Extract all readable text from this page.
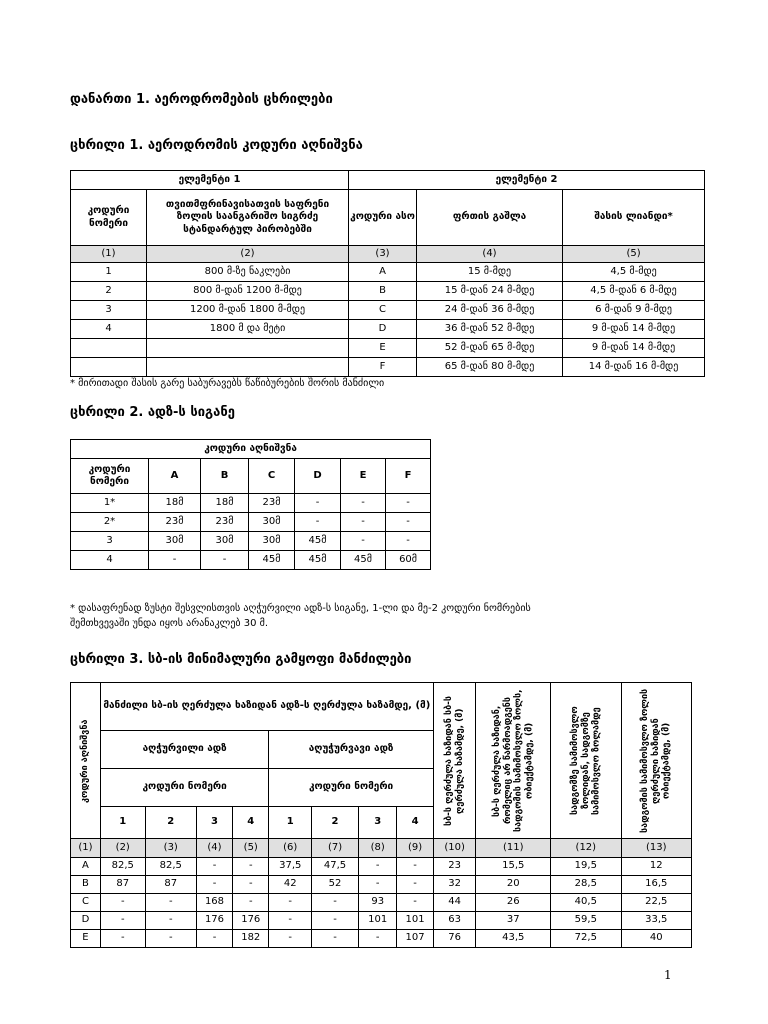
დანართი 1. აეროდრომების ცხრილები
ცხრილი 1. აეროდრომის კოდური აღნიშვნა
ელემენტი 1		ელემენტი 2		
კოდური ნომერი	თვითმფრინავისათვის საფრენი ზოლის საანგარიშო სიგრძე სტანდარტულ პირობებში	კოდური ასო	ფრთის გაშლა	შასის ლიანდი*
(1)	(2)	(3)	(4)	(5)
1	800 მ-ზე ნაკლები	A	15 მ-მდე	4,5 მ-მდე
2	800 მ-დან 1200 მ-მდე	B	15 მ-დან 24 მ-მდე	4,5 მ-დან 6 მ-მდე
3	1200 მ-დან 1800 მ-მდე	C	24 მ-დან 36 მ-მდე	6 მ-დან 9 მ-მდე
4	1800 მ და მეტი	D	36 მ-დან 52 მ-მდე	9 მ-დან 14 მ-მდე
		E	52 მ-დან 65 მ-მდე	9 მ-დან 14 მ-მდე
		F	65 მ-დან 80 მ-მდე	14 მ-დან 16 მ-მდე
* მირითადი შასის გარე საბურავებს წაწიბურების შორის მანძილი
ცხრილი 2. ადზ-ს სიგანე
კოდური აღნიშვნა						
კოდური ნომერი	A	B	C	D	E	F
1*	18მ	18მ	23მ	-	-	-
2*	23მ	23მ	30მ	-	-	-
3	30მ	30მ	30მ	45მ	-	-
4	-	-	45მ	45მ	45მ	60მ
* დასაფრენად ზუსტი შესვლისთვის აღჭურვილი ადზ-ს სიგანე, 1-ლი და მე-2 კოდური ნომრების
შემთხვევაში უნდა იყოს არანაკლებ 30 მ.
ცხრილი 3. სბ-ის მინიმალური გამყოფი მანძილები
კოდური აღნიშვნა	მანძილი სბ-ის ღერძულა ხაზიდან ადზ-ს ღერძულა ხაზამდე, (მ)								სბ-ს ღერძულა ხაზიდან სბ-ს ღერძულა ხაზამდე, (მ)	სბ-ს ღერძულა ხაზიდან, რომელიც არ წარმოადგენს სადგომის სამიმოსვლო ზოლს, ობიექტამდე, (მ)	სადგომზე სამიმოსვლო ზოლიდან, სადგომზე სამიმოსვლო ზოლამდე	სადგომის სამიმოსვლო ზოლის ღერძული ხაზიდან ობიექტამდე, (მ)

	აღჭურვილი ადზ				აღუჭურვავი ადზ							
	კოდური ნომერი				კოდური ნომერი							
	1	2	3	4	1	2	3	4				
(1)	(2)	(3)	(4)	(5)	(6)	(7)	(8)	(9)	(10)	(11)	(12)	(13)
A	82,5	82,5	-	-	37,5	47,5	-	-	23	15,5	19,5	12
B	87	87	-	-	42	52	-	-	32	20	28,5	16,5
C	-	-	168	-	-	-	93	-	44	26	40,5	22,5
D	-	-	176	176	-	-	101	101	63	37	59,5	33,5
E	-	-	-	182	-	-	-	107	76	43,5	72,5	40
1
